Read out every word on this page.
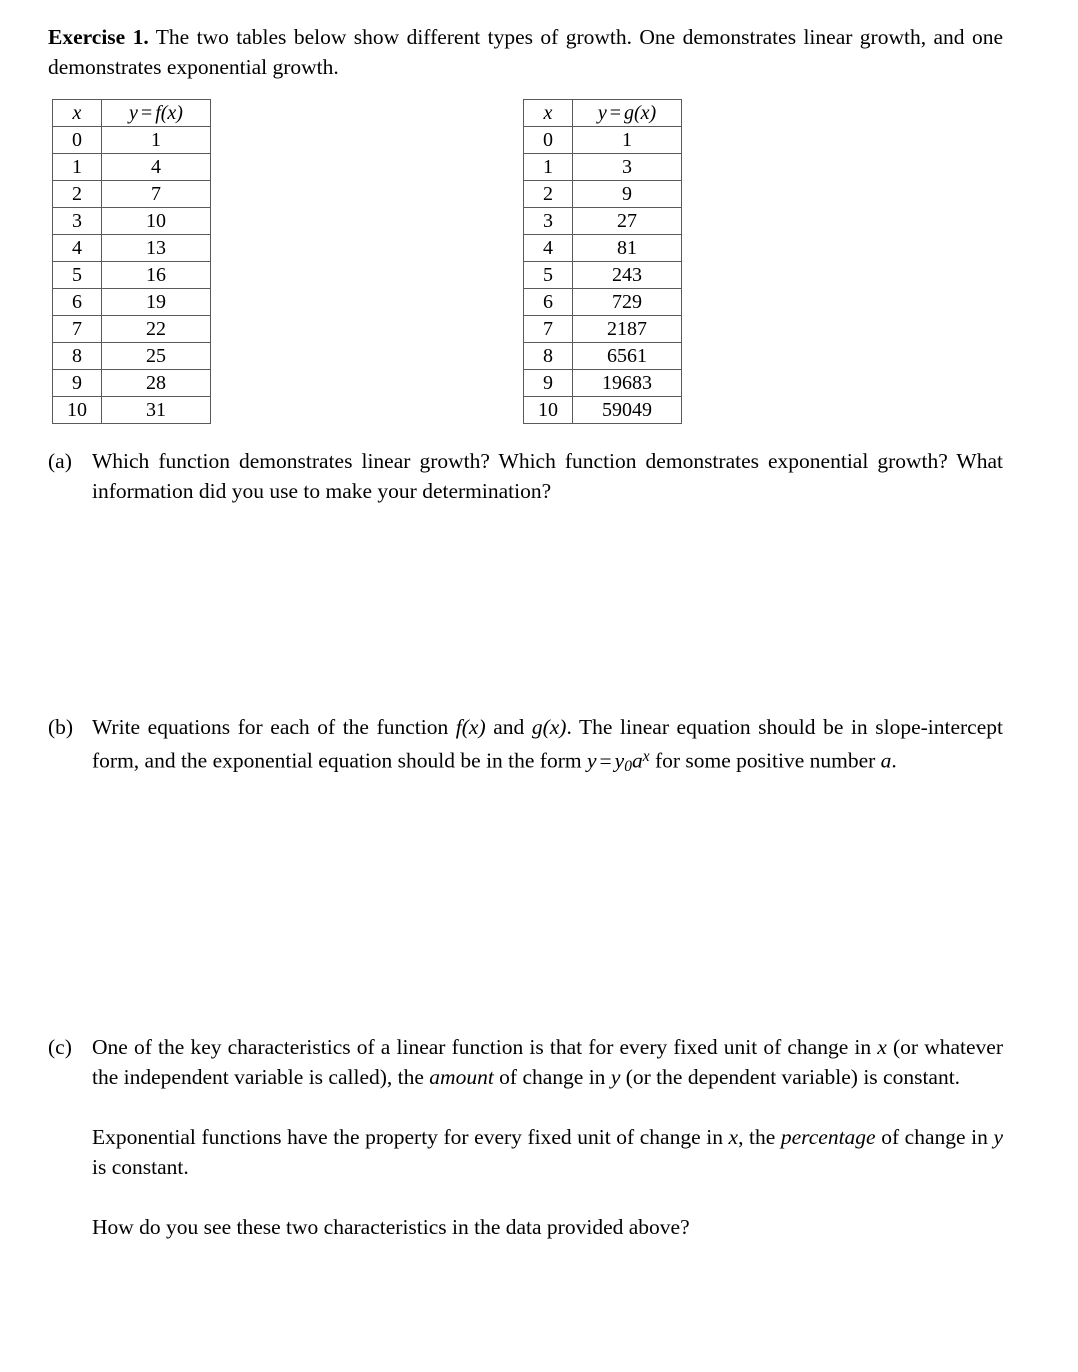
Exercise 1. The two tables below show different types of growth. One demonstrates linear growth, and one demonstrates exponential growth.
x	y = f(x)
0	1
1	4
2	7
3	10
4	13
5	16
6	19
7	22
8	25
9	28
10	31
x	y = g(x)
0	1
1	3
2	9
3	27
4	81
5	243
6	729
7	2187
8	6561
9	19683
10	59049
(a) Which function demonstrates linear growth? Which function demonstrates exponential growth? What information did you use to make your determination?

(b) Write equations for each of the function f(x) and g(x). The linear equation should be in slope-intercept form, and the exponential equation should be in the form $y = y_0a^x$ for some positive number a.

(c) One of the key characteristics of a linear function is that for every fixed unit of change in x (or whatever the independent variable is called), the amount of change in y (or the dependent variable) is constant.

Exponential functions have the property for every fixed unit of change in x, the percentage of change in y is constant.

How do you see these two characteristics in the data provided above?
